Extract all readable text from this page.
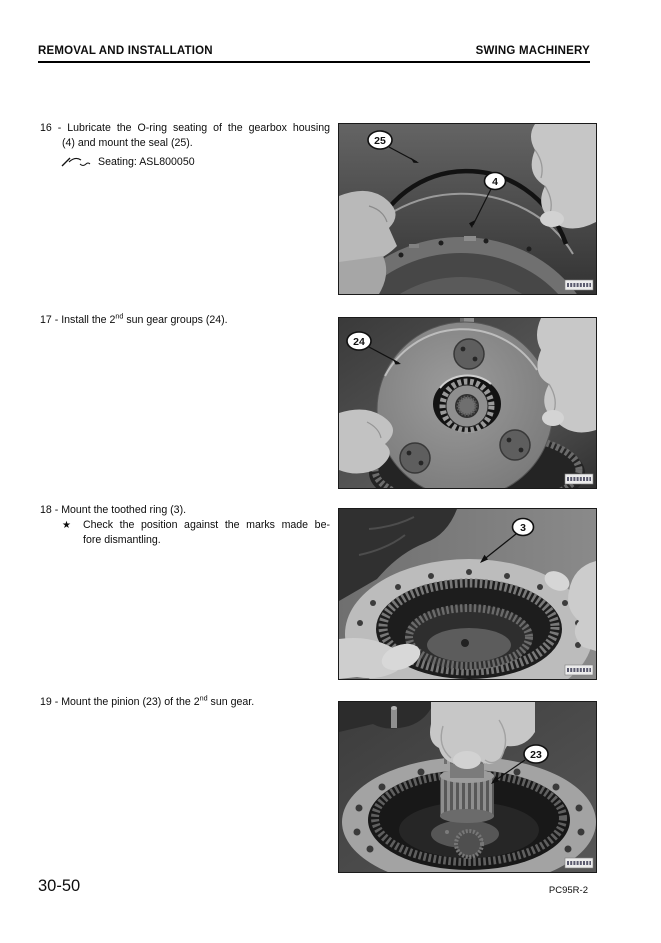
REMOVAL AND INSTALLATION	SWING MACHINERY
16 - Lubricate the O-ring seating of the gearbox housing
(4) and mount the seal (25).
Seating: ASL800050
17 - Install the 2nd sun gear groups (24).
18 - Mount the toothed ring (3).
★	Check the position against the marks made be-
fore dismantling.
19 - Mount the pinion (23) of the 2nd sun gear.
25
4
24
3
23
30-50	PC95R-2
